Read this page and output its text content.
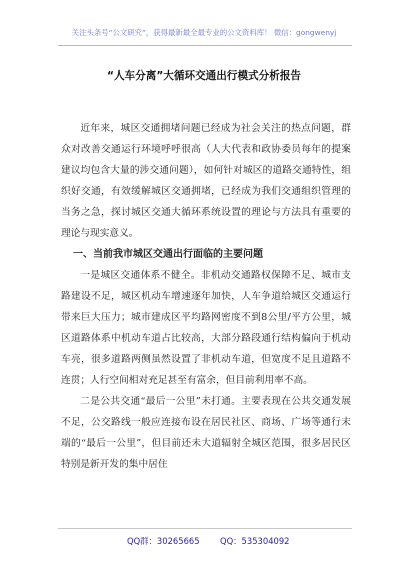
关注头条号“公文研究”，获得最新最全最专业的公文资料库！ 微信：gongwenyj
“人车分离”大循环交通出行模式分析报告

近年来，城区交通拥堵问题已经成为社会关注的热点问题，群众对改善交通运行环境呼呼很高（人大代表和政协委员每年的提案建议均包含大量的涉交通问题），如何针对城区的道路交通特性，组织好交通，有效缓解城区交通拥堵，已经成为我们交通组织管理的当务之急，探讨城区交通大循环系统设置的理论与方法具有重要的理论与现实意义。

一、当前我市城区交通出行面临的主要问题

一是城区交通体系不健全。非机动交通路权保障不足、城市支路建设不足，城区机动车增速逐年加快，人车争道给城区交通运行带来巨大压力；城市建成区平均路网密度不到8公里/平方公里，城区道路体系中机动车道占比较高，大部分路段通行结构偏向于机动车亮，很多道路两侧虽然设置了非机动车道，但宽度不足且道路不连贯；人行空间相对充足甚至有富余，但目前利用率不高。

二是公共交通“最后一公里”未打通。主要表现在公共交通发展不足，公交路线一般应连接布设在居民社区、商场、广场等通行末端的“最后一公里”，但目前还未大道辐射全城区范围，很多居民区特别是新开发的集中居住

QQ群：30265665 QQ：535304092
